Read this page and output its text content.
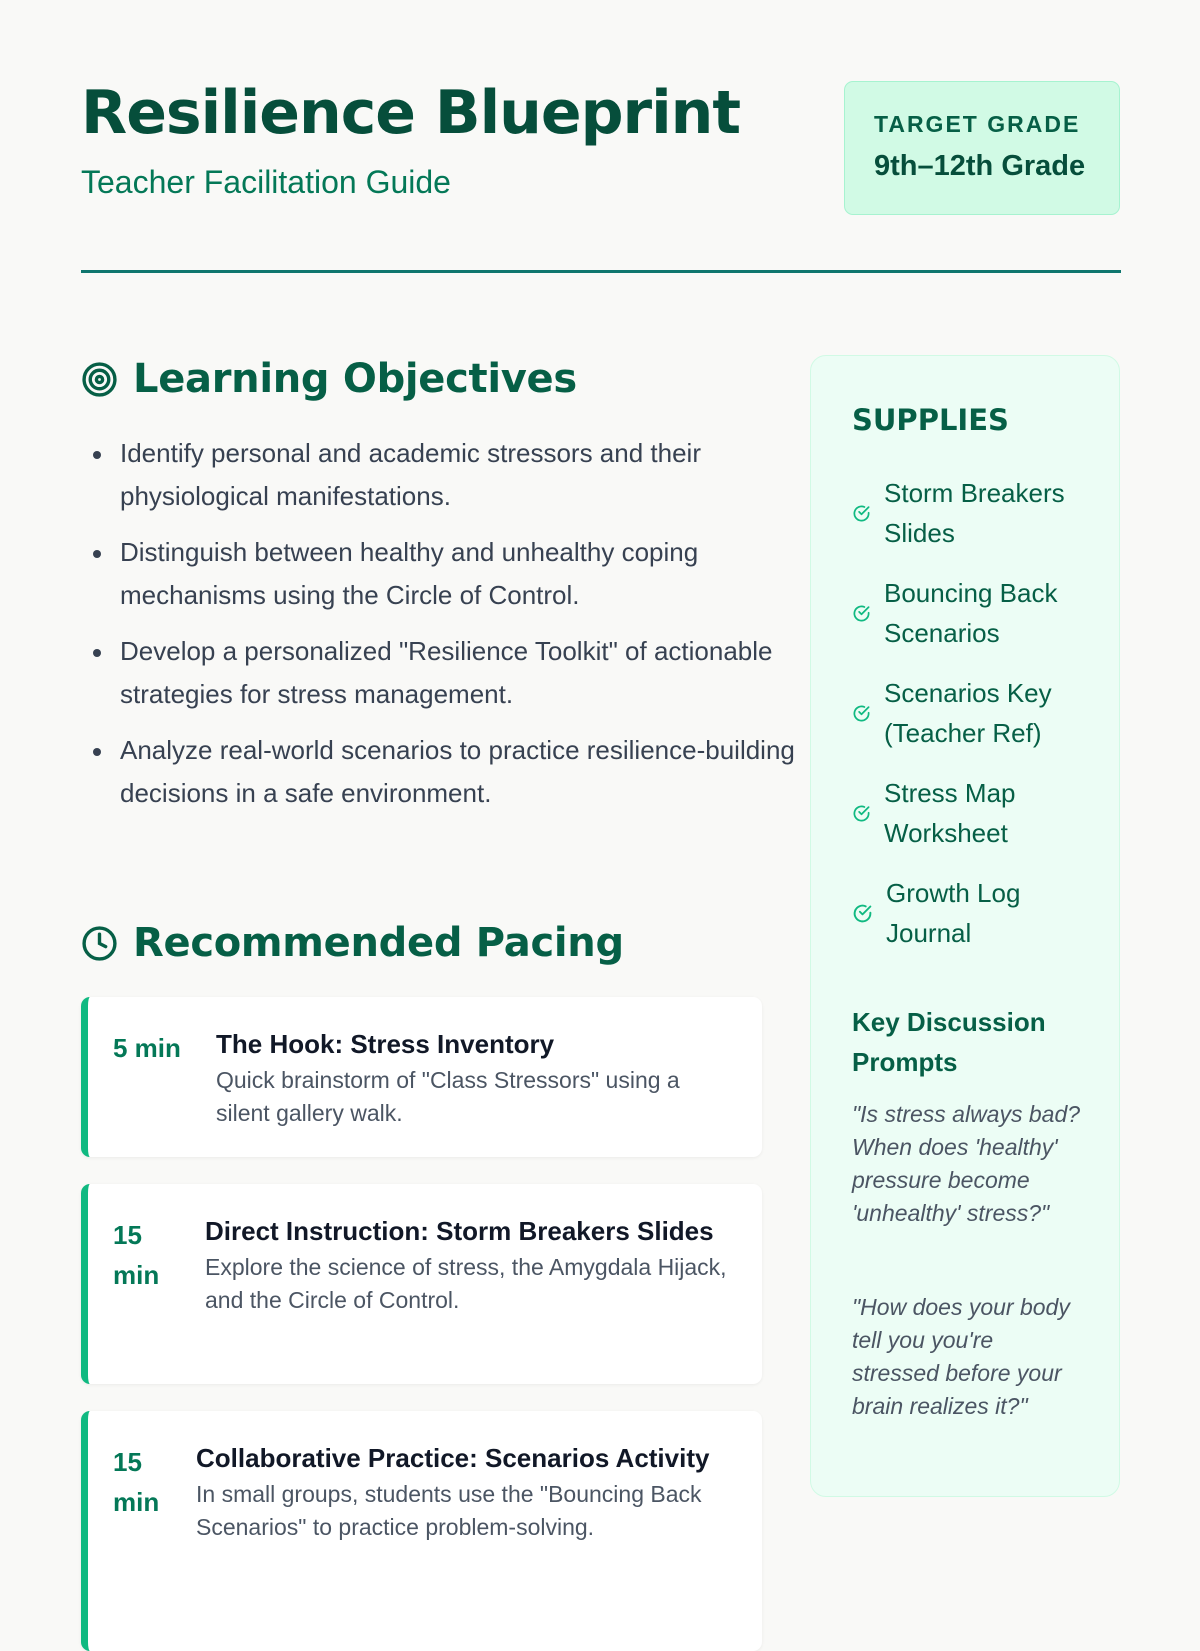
Resilience Blueprint

Teacher Facilitation Guide

TARGET GRADE
9th–12th Grade
Learning Objectives
Identify personal and academic stressors and their physiological manifestations.
Distinguish between healthy and unhealthy coping mechanisms using the Circle of Control.
Develop a personalized "Resilience Toolkit" of actionable strategies for stress management.
Analyze real-world scenarios to practice resilience-building decisions in a safe environment.
Recommended Pacing
5 min The Hook: Stress Inventory
Quick brainstorm of "Class Stressors" using a silent gallery walk.
15 min
Direct Instruction: Storm Breakers Slides
Explore the science of stress, the Amygdala Hijack, and the Circle of Control.
15 min
Collaborative Practice: Scenarios Activity
In small groups, students use the "Bouncing Back Scenarios" to practice problem-solving.
SUPPLIES
Storm Breakers Slides
Bouncing Back Scenarios
Scenarios Key (Teacher Ref)
Stress Map Worksheet
Growth Log Journal
Key Discussion Prompts

"Is stress always bad? When does 'healthy' pressure become 'unhealthy' stress?"

"How does your body tell you you're stressed before your brain realizes it?"
